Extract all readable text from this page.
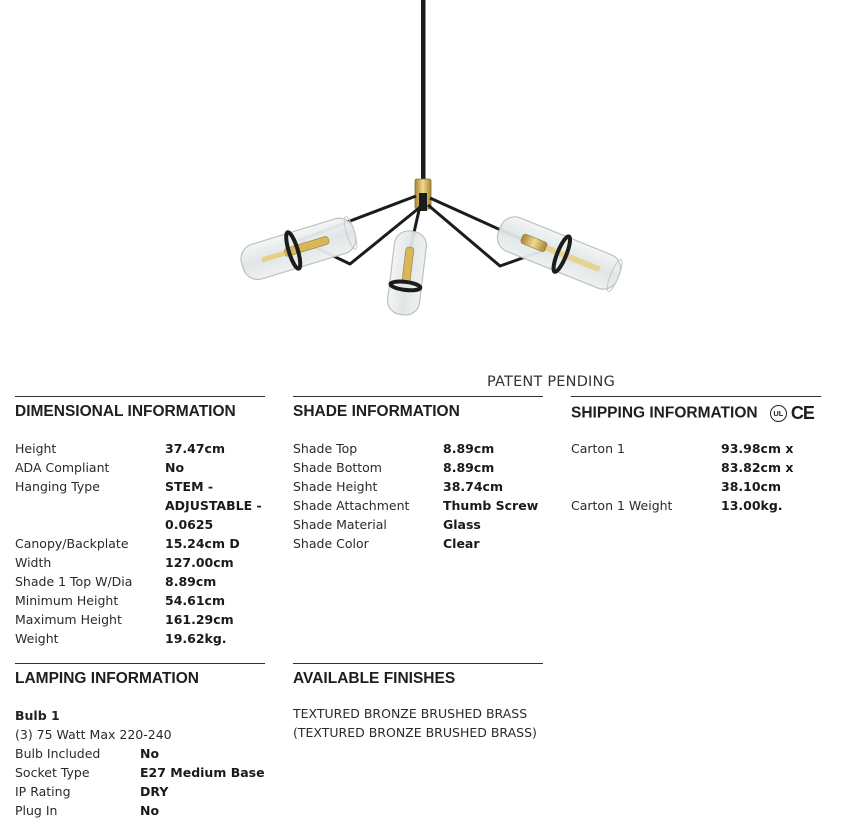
PATENT PENDING
DIMENSIONAL INFORMATION
Height	37.47cm
ADA Compliant	No
Hanging Type	STEM - ADJUSTABLE - 0.0625
Canopy/Backplate	15.24cm D
Width	127.00cm
Shade 1 Top W/Dia	8.89cm
Minimum Height	54.61cm
Maximum Height	161.29cm
Weight	19.62kg.
SHADE INFORMATION
Shade Top	8.89cm
Shade Bottom	8.89cm
Shade Height	38.74cm
Shade Attachment	Thumb Screw
Shade Material	Glass
Shade Color	Clear
SHIPPING INFORMATION	UL CE
Carton 1	93.98cm x 83.82cm x 38.10cm
Carton 1 Weight	13.00kg.
LAMPING INFORMATION
Bulb 1
(3) 75 Watt Max 220-240
Bulb Included	No
Socket Type	E27 Medium Base
IP Rating	DRY
Plug In	No
AVAILABLE FINISHES
TEXTURED BRONZE BRUSHED BRASS
(TEXTURED BRONZE BRUSHED BRASS)
